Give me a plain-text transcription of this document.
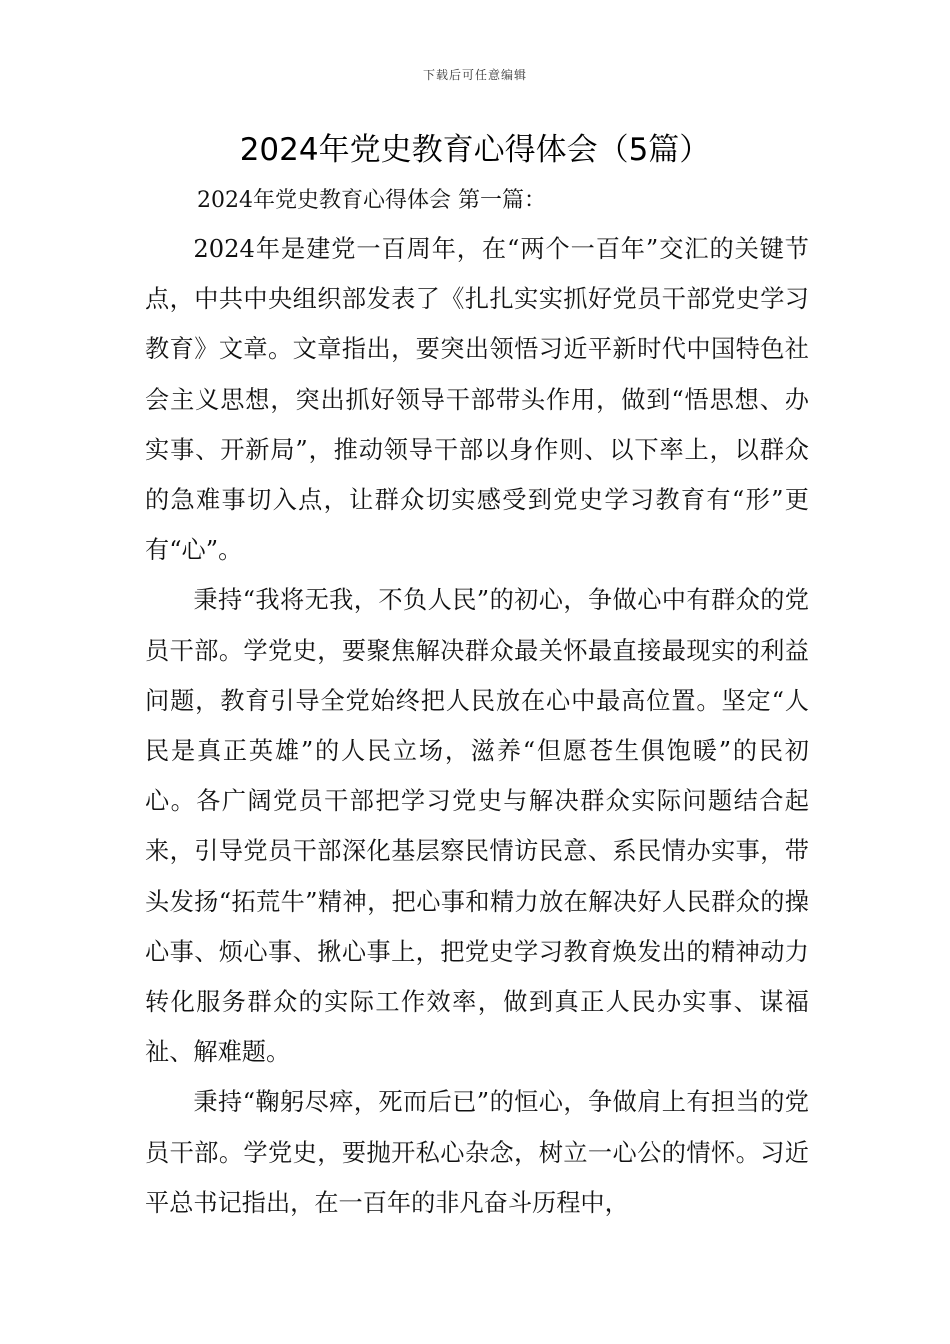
下载后可任意编辑
2024年党史教育心得体会（5篇）

2024年党史教育心得体会 第一篇：

2024年是建党一百周年，在“两个一百年”交汇的关键节点，中共中央组织部发表了《扎扎实实抓好党员干部党史学习教育》文章。文章指出，要突出领悟习近平新时代中国特色社会主义思想，突出抓好领导干部带头作用，做到“悟思想、办实事、开新局”，推动领导干部以身作则、以下率上，以群众的急难事切入点，让群众切实感受到党史学习教育有“形”更有“心”。

秉持“我将无我，不负人民”的初心，争做心中有群众的党员干部。学党史，要聚焦解决群众最关怀最直接最现实的利益问题，教育引导全党始终把人民放在心中最高位置。坚定“人民是真正英雄”的人民立场，滋养“但愿苍生俱饱暖”的民初心。各广阔党员干部把学习党史与解决群众实际问题结合起来，引导党员干部深化基层察民情访民意、系民情办实事，带头发扬“拓荒牛”精神，把心事和精力放在解决好人民群众的操心事、烦心事、揪心事上，把党史学习教育焕发出的精神动力转化服务群众的实际工作效率，做到真正人民办实事、谋福祉、解难题。

秉持“鞠躬尽瘁，死而后已”的恒心，争做肩上有担当的党员干部。学党史，要抛开私心杂念，树立一心公的情怀。习近平总书记指出，在一百年的非凡奋斗历程中，
